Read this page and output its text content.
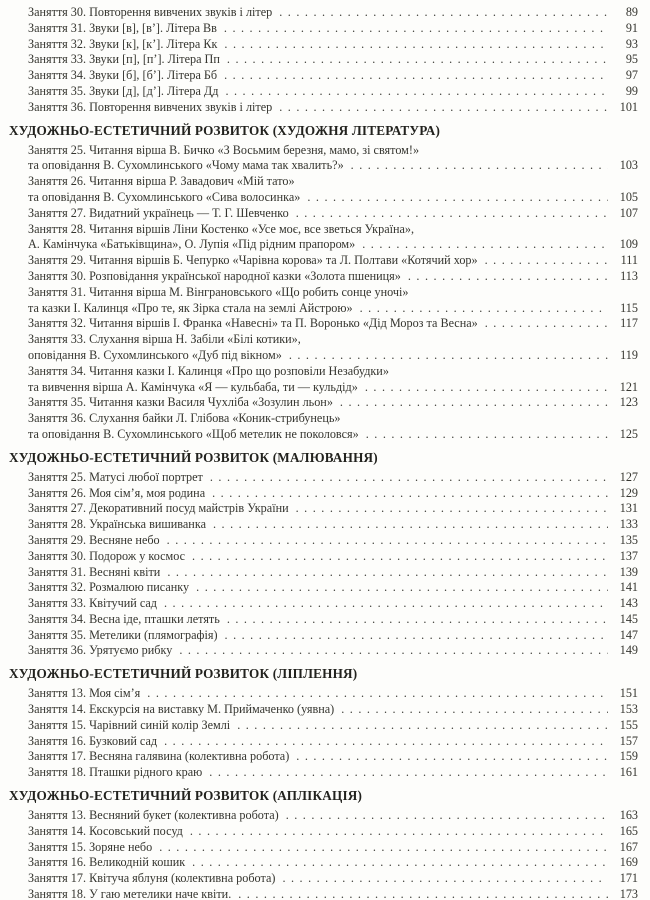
Заняття 30. Повторення вивчених звуків і літер .....	89
Заняття 31. Звуки [в], [в’]. Літера Вв .....	91
Заняття 32. Звуки [к], [к’]. Літера Кк .....	93
Заняття 33. Звуки [п], [п’]. Літера Пп .....	95
Заняття 34. Звуки [б], [б’]. Літера Бб .....	97
Заняття 35. Звуки [д], [д’]. Літера Дд .....	99
Заняття 36. Повторення вивчених звуків і літер .....	101
ХУДОЖНЬО-ЕСТЕТИЧНИЙ РОЗВИТОК (ХУДОЖНЯ ЛІТЕРАТУРА)
Заняття 25. Читання вірша В. Бичко «З Восьмим березня, мамо, зі святом!»
та оповідання В. Сухомлинського «Чому мама так хвалить?» .....	103
Заняття 26. Читання вірша Р. Завадович «Мій тато»
та оповідання В. Сухомлинського «Сива волосинка» .....	105
Заняття 27. Видатний українець — Т. Г. Шевченко .....	107
Заняття 28. Читання віршів Ліни Костенко «Усе моє, все зветься Україна»,
А. Камінчука «Батьківщина», О. Лупія «Під рідним прапором» .....	109
Заняття 29. Читання віршів Б. Чепурко «Чарівна корова» та Л. Полтави «Котячий хор» .....	111
Заняття 30. Розповідання української народної казки «Золота пшениця» .....	113
Заняття 31. Читання вірша М. Вінграновського «Що робить сонце уночі»
та казки І. Калинця «Про те, як Зірка стала на землі Айстрою» .....	115
Заняття 32. Читання віршів І. Франка «Навесні» та П. Воронько «Дід Мороз та Весна» .....	117
Заняття 33. Слухання вірша Н. Забіли «Білі котики»,
оповідання В. Сухомлинського «Дуб під вікном» .....	119
Заняття 34. Читання казки І. Калинця «Про що розповіли Незабудки»
та вивчення вірша А. Камінчука «Я — кульбаба, ти — кульдід» .....	121
Заняття 35. Читання казки Василя Чухліба «Зозулин льон» .....	123
Заняття 36. Слухання байки Л. Глібова «Коник-стрибунець»
та оповідання В. Сухомлинського «Щоб метелик не поколовся» .....	125
ХУДОЖНЬО-ЕСТЕТИЧНИЙ РОЗВИТОК (МАЛЮВАННЯ)
Заняття 25. Матусі любої портрет .....	127
Заняття 26. Моя сім’я, моя родина .....	129
Заняття 27. Декоративний посуд майстрів України .....	131
Заняття 28. Українська вишиванка .....	133
Заняття 29. Весняне небо .....	135
Заняття 30. Подорож у космос .....	137
Заняття 31. Весняні квіти .....	139
Заняття 32. Розмалюю писанку .....	141
Заняття 33. Квітучий сад .....	143
Заняття 34. Весна іде, пташки летять .....	145
Заняття 35. Метелики (плямографія) .....	147
Заняття 36. Урятуємо рибку .....	149
ХУДОЖНЬО-ЕСТЕТИЧНИЙ РОЗВИТОК (ЛІПЛЕННЯ)
Заняття 13. Моя сім’я .....	151
Заняття 14. Екскурсія на виставку М. Приймаченко (уявна) .....	153
Заняття 15. Чарівний синій колір Землі .....	155
Заняття 16. Бузковий сад .....	157
Заняття 17. Весняна галявина (колективна робота) .....	159
Заняття 18. Пташки рідного краю .....	161
ХУДОЖНЬО-ЕСТЕТИЧНИЙ РОЗВИТОК (АПЛІКАЦІЯ)
Заняття 13. Весняний букет (колективна робота) .....	163
Заняття 14. Косовський посуд .....	165
Заняття 15. Зоряне небо .....	167
Заняття 16. Великодній кошик .....	169
Заняття 17. Квітуча яблуня (колективна робота) .....	171
Заняття 18. У гаю метелики наче квіти. .....	173
